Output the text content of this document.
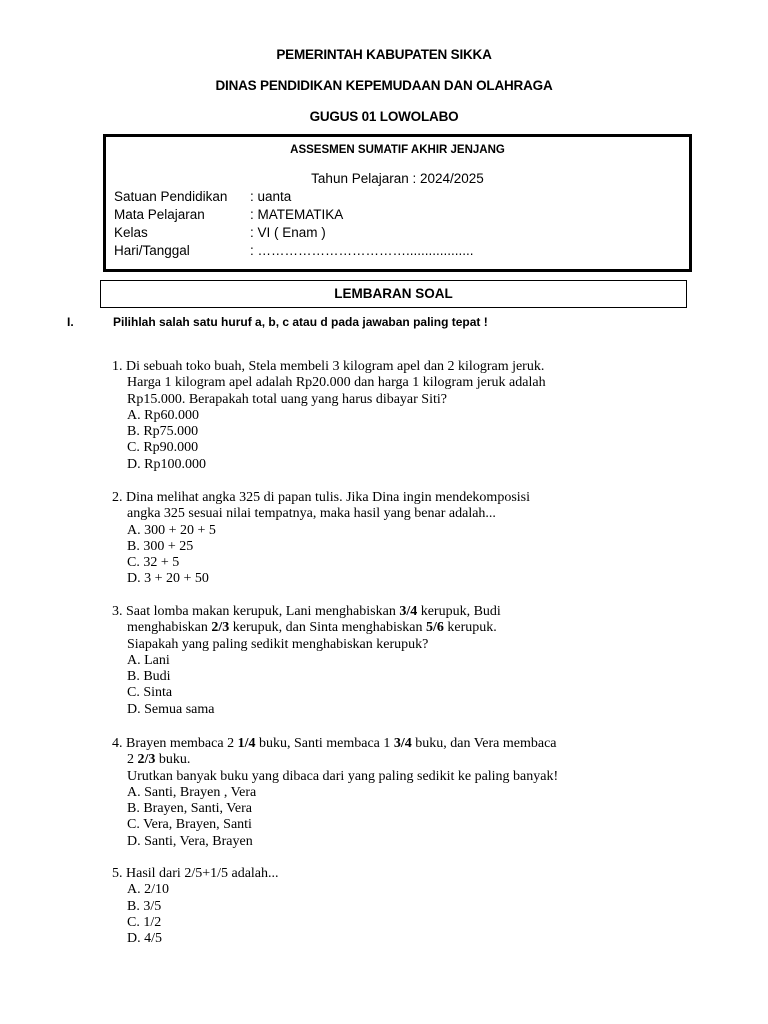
PEMERINTAH KABUPATEN SIKKA
DINAS PENDIDIKAN KEPEMUDAAN DAN OLAHRAGA
GUGUS 01 LOWOLABO
ASSESMEN SUMATIF AKHIR JENJANG
Tahun Pelajaran : 2024/2025
Satuan Pendidikan	: uanta
Mata Pelajaran	: MATEMATIKA
Kelas	: VI ( Enam )
Hari/Tanggal	: ……………………………..................
LEMBARAN SOAL
I.	Pilihlah salah satu huruf a, b, c atau d pada jawaban paling tepat !
1. Di sebuah toko buah, Stela membeli 3 kilogram apel dan 2 kilogram jeruk.
Harga 1 kilogram apel adalah Rp20.000 dan harga 1 kilogram jeruk adalah
Rp15.000. Berapakah total uang yang harus dibayar Siti?
A. Rp60.000
B. Rp75.000
C. Rp90.000
D. Rp100.000
2. Dina melihat angka 325 di papan tulis. Jika Dina ingin mendekomposisi
angka 325 sesuai nilai tempatnya, maka hasil yang benar adalah...
A. 300 + 20 + 5
B. 300 + 25
C. 32 + 5
D. 3 + 20 + 50
3. Saat lomba makan kerupuk, Lani menghabiskan 3/4 kerupuk, Budi
menghabiskan 2/3 kerupuk, dan Sinta menghabiskan 5/6 kerupuk.
Siapakah yang paling sedikit menghabiskan kerupuk?
A. Lani
B. Budi
C. Sinta
D. Semua sama
4. Brayen membaca 2 1/4 buku, Santi membaca 1 3/4 buku, dan Vera membaca
2 2/3 buku.
Urutkan banyak buku yang dibaca dari yang paling sedikit ke paling banyak!
A. Santi, Brayen , Vera
B. Brayen, Santi, Vera
C. Vera, Brayen, Santi
D. Santi, Vera, Brayen
5. Hasil dari 2/5+1/5 adalah...
A. 2/10
B. 3/5
C. 1/2
D. 4/5
